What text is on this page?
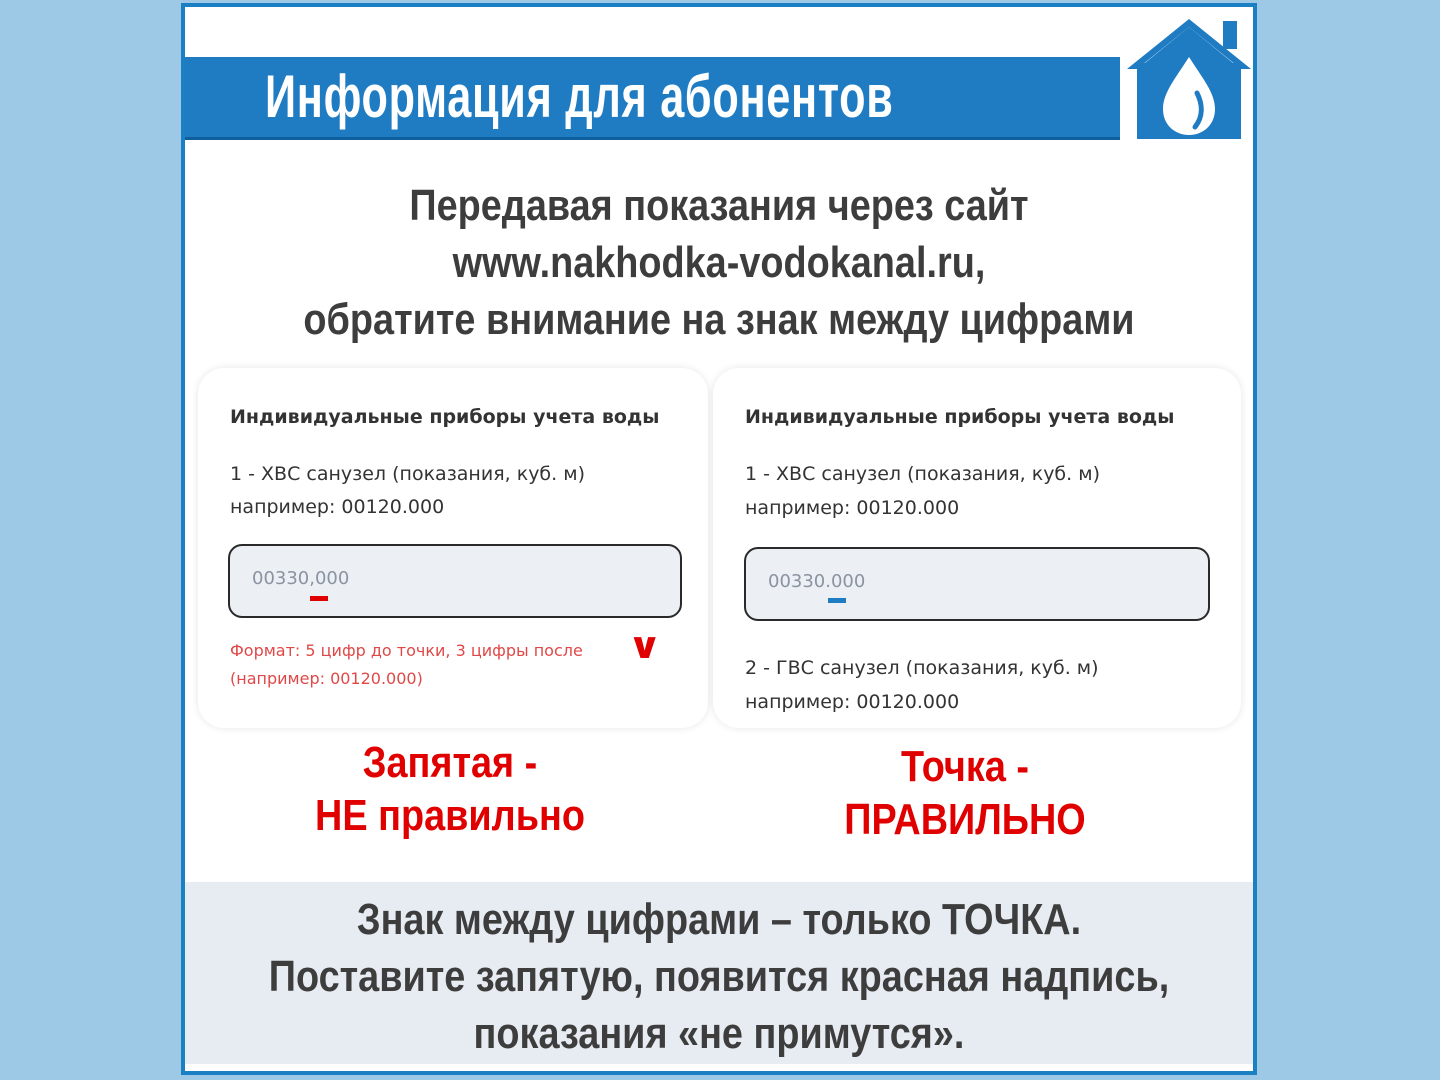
Информация для абонентов
Передавая показания через сайт
www.nakhodka-vodokanal.ru,
обратите внимание на знак между цифрами
Индивидуальные приборы учета воды
1 - ХВС санузел (показания, куб. м)
например: 00120.000
00330,000
Формат: 5 цифр до точки, 3 цифры после
(например: 00120.000)
∨
Индивидуальные приборы учета воды
1 - ХВС санузел (показания, куб. м)
например: 00120.000
00330.000
2 - ГВС санузел (показания, куб. м)
например: 00120.000
Запятая -
НЕ правильно
Точка -
ПРАВИЛЬНО
Знак между цифрами – только ТОЧКА.
Поставите запятую, появится красная надпись,
показания «не примутся».
